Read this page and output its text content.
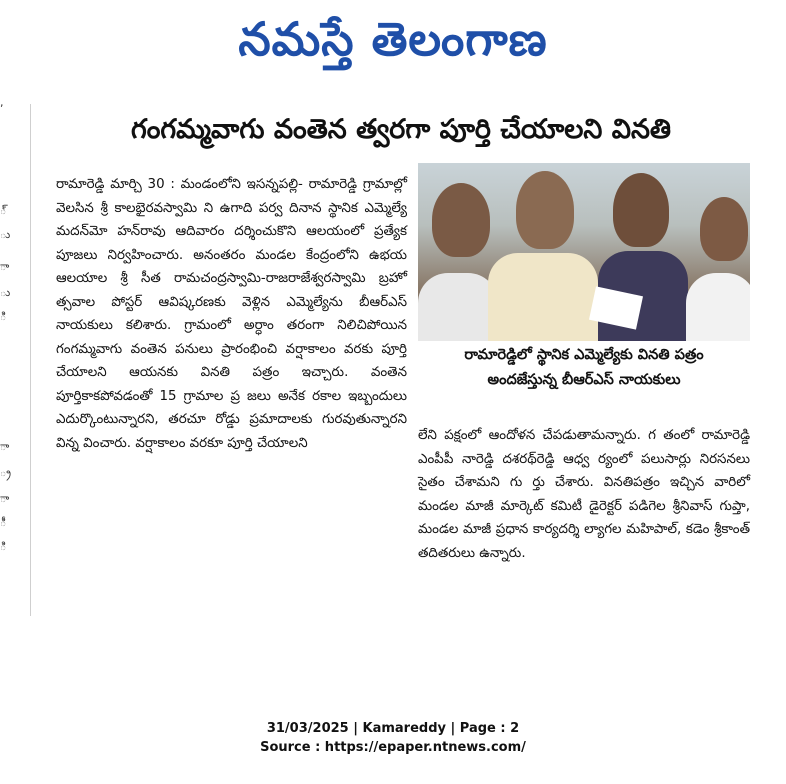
నమస్తే తెలంగాణ
,
్
ు
ా
ు
ి
ా
్ర
ా
ీ
ి
గంగమ్మవాగు వంతెన త్వరగా పూర్తి చేయాలని వినతి

రామారెడ్డి మార్చి 30 : మండంలోని ఇసన్నపల్లి- రామారెడ్డి గ్రామాల్లో వెలసిన శ్రీ కాలభైరవస్వామి ని ఉగాది పర్వ దినాన స్థానిక ఎమ్మెల్యే మదన్‌మో హన్‌రావు ఆదివారం దర్శించుకొని ఆలయంలో ప్రత్యేక పూజలు నిర్వహించారు. అనంతరం మండల కేంద్రంలోని ఉభయ ఆలయాల శ్రీ సీత రామచంద్రస్వామి-రాజరాజేశ్వరస్వామి బ్రహో త్సవాల పోస్టర్ ఆవిష్కరణకు వెళ్లిన ఎమ్మెల్యేను బీఆర్ఎస్ నాయకులు కలిశారు. గ్రామంలో అర్ధాం తరంగా నిలిచిపోయిన గంగమ్మవాగు వంతెన పనులు ప్రారంభించి వర్షాకాలం వరకు పూర్తి చేయాలని ఆయనకు వినతి పత్రం ఇచ్చారు. వంతెన పూర్తికాకపోవడంతో 15 గ్రామాల ప్ర జలు అనేక రకాల ఇబ్బందులు ఎదుర్కొంటున్నారని, తరచూ రోడ్డు ప్రమాదాలకు గురవుతున్నారని విన్న వించారు. వర్షాకాలం వరకూ పూర్తి చేయాలని

రామారెడ్డిలో స్థానిక ఎమ్మెల్యేకు వినతి పత్రం
అందజేస్తున్న బీఆర్ఎస్ నాయకులు

లేని పక్షంలో ఆందోళన చేపడుతామన్నారు. గ తంలో రామారెడ్డి ఎంపీపీ నారెడ్డి దశరథ్‌రెడ్డి ఆధ్వ ర్యంలో పలుసార్లు నిరసనలు సైతం చేశామని గు ర్తు చేశారు. వినతిపత్రం ఇచ్చిన వారిలో మండల మాజీ మార్కెట్ కమిటీ డైరెక్టర్ పడిగెల శ్రీనివాస్ గుప్తా, మండల మాజీ ప్రధాన కార్యదర్శి ల్యాగల మహిపాల్, కడెం శ్రీకాంత్ తదితరులు ఉన్నారు.

31/03/2025 | Kamareddy | Page : 2
Source : https://epaper.ntnews.com/
